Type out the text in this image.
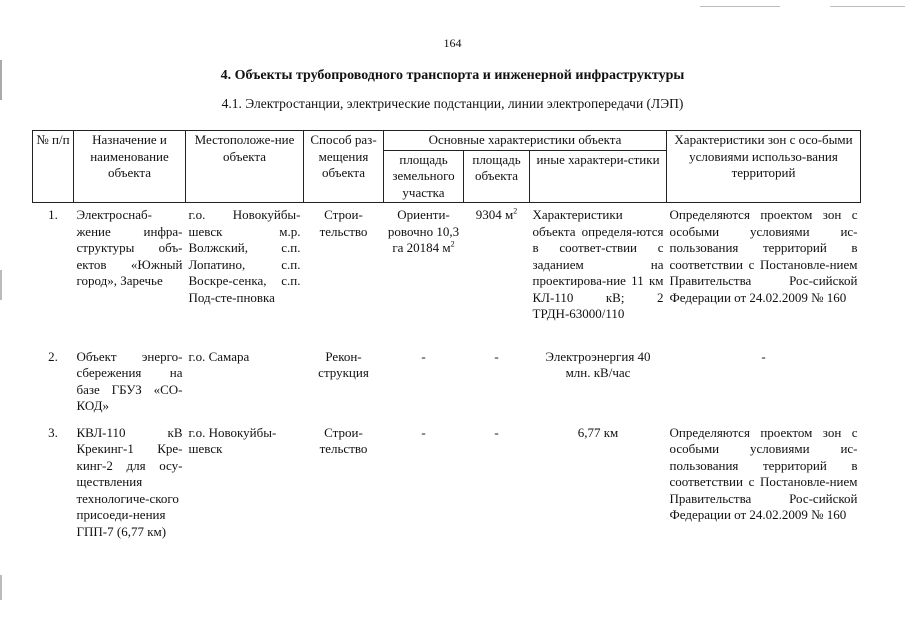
164
4. Объекты трубопроводного транспорта и инженерной инфраструктуры
4.1. Электростанции, электрические подстанции, линии электропередачи (ЛЭП)
№ п/п	Назначение и наименование объекта	Местоположе-ние объекта	Способ раз-мещения объекта	Основные характеристики объекта			Характеристики зон с осо-быми условиями использо-вания территорий
				площадь земельного участка	площадь объекта	иные характери-стики	
1.	Электроснаб-жение инфра-структуры объ-ектов «Южный город», Заречье	г.о. Новокуйбы-шевск м.р. Волжский, с.п. Лопатино, с.п. Воскре-сенка, с.п. Под-сте-пновка	Строи-тельство	Ориенти-ровочно 10,3 га 20184 $м^2$	9304 $м^2$	Характеристики объекта определя-ются в соответ-ствии с заданием на проектирова-ние 11 км КЛ-110 кВ; 2 ТРДН-63000/110	Определяются проектом зон с особыми условиями ис-пользования территорий в соответствии с Постановле-нием Правительства Рос-сийской Федерации от 24.02.2009 № 160
2.	Объект энерго-сбережения на базе ГБУЗ «СО-КОД»	г.о. Самара	Рекон-струкция	-	-	Электроэнергия 40 млн. кВ/час	-
3.	КВЛ-110 кВ Крекинг-1 Кре-кинг-2 для осу-ществления технологиче-ского присоеди-нения ГПП-7 (6,77 км)	г.о. Новокуйбы-шевск	Строи-тельство	-	-	6,77 км	Определяются проектом зон с особыми условиями ис-пользования территорий в соответствии с Постановле-нием Правительства Рос-сийской Федерации от 24.02.2009 № 160
